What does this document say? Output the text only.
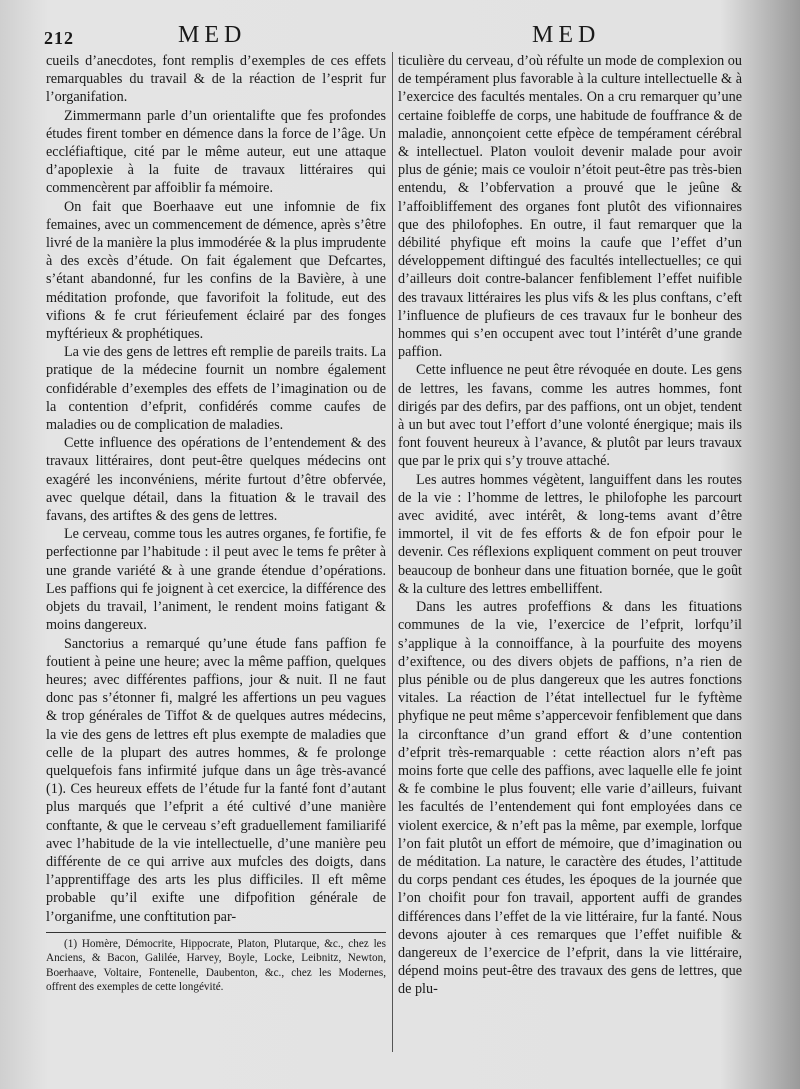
212	MED	MED

cueils d’anecdotes, font remplis d’exemples de ces effets remarquables du travail & de la réaction de l’esprit fur l’organifation.

Zimmermann parle d’un orientalifte que fes profondes études firent tomber en démence dans la force de l’âge. Un eccléfiaftique, cité par le même auteur, eut une attaque d’apoplexie à la fuite de travaux littéraires qui commencèrent par affoiblir fa mémoire.

On fait que Boerhaave eut une infomnie de fix femaines, avec un commencement de démence, après s’être livré de la manière la plus immodérée & la plus imprudente à des excès d’étude. On fait également que Defcartes, s’étant abandonné, fur les confins de la Bavière, à une méditation profonde, que favorifoit la folitude, eut des vifions & fe crut férieufement éclairé par des fonges myftérieux & prophétiques.

La vie des gens de lettres eft remplie de pareils traits. La pratique de la médecine fournit un nombre également confidérable d’exemples des effets de l’imagination ou de la contention d’efprit, confidérés comme caufes de maladies ou de complication de maladies.

Cette influence des opérations de l’entendement & des travaux littéraires, dont peut-être quelques médecins ont exagéré les inconvéniens, mérite furtout d’être obfervée, avec quelque détail, dans la fituation & le travail des favans, des artiftes & des gens de lettres.

Le cerveau, comme tous les autres organes, fe fortifie, fe perfectionne par l’habitude : il peut avec le tems fe prêter à une grande variété & à une grande étendue d’opérations. Les paffions qui fe joignent à cet exercice, la différence des objets du travail, l’animent, le rendent moins fatigant & moins dangereux.

Sanctorius a remarqué qu’une étude fans paffion fe foutient à peine une heure; avec la même paffion, quelques heures; avec différentes paffions, jour & nuit. Il ne faut donc pas s’étonner fi, malgré les affertions un peu vagues & trop générales de Tiffot & de quelques autres médecins, la vie des gens de lettres eft plus exempte de maladies que celle de la plupart des autres hommes, & fe prolonge quelquefois fans infirmité jufque dans un âge très-avancé (1). Ces heureux effets de l’étude fur la fanté font d’autant plus marqués que l’efprit a été cultivé d’une manière conftante, & que le cerveau s’eft graduellement familiarifé avec l’habitude de la vie intellectuelle, d’une manière peu différente de ce qui arrive aux mufcles des doigts, dans l’apprentiffage des arts les plus difficiles. Il eft même probable qu’il exifte une difpofition générale de l’organifme, une conftitution par-

(1) Homère, Démocrite, Hippocrate, Platon, Plutarque, &c., chez les Anciens, & Bacon, Galilée, Harvey, Boyle, Locke, Leibnitz, Newton, Boerhaave, Voltaire, Fontenelle, Daubenton, &c., chez les Modernes, offrent des exemples de cette longévité.

ticulière du cerveau, d’où réfulte un mode de complexion ou de tempérament plus favorable à la culture intellectuelle & à l’exercice des facultés mentales. On a cru remarquer qu’une certaine foibleffe de corps, une habitude de fouffrance & de maladie, annonçoient cette efpèce de tempérament cérébral & intellectuel. Platon vouloit devenir malade pour avoir plus de génie; mais ce vouloir n’étoit peut-être pas très-bien entendu, & l’obfervation a prouvé que le jeûne & l’affoibliffement des organes font plutôt des vifionnaires que des philofophes. En outre, il faut remarquer que la débilité phyfique eft moins la caufe que l’effet d’un développement diftingué des facultés intellectuelles; ce qui d’ailleurs doit contre-balancer fenfiblement l’effet nuifible des travaux littéraires les plus vifs & les plus conftans, c’eft l’influence de plufieurs de ces travaux fur le bonheur des hommes qui s’en occupent avec tout l’intérêt d’une grande paffion.

Cette influence ne peut être révoquée en doute. Les gens de lettres, les favans, comme les autres hommes, font dirigés par des defirs, par des paffions, ont un objet, tendent à un but avec tout l’effort d’une volonté énergique; mais ils font fouvent heureux à l’avance, & plutôt par leurs travaux que par le prix qui s’y trouve attaché.

Les autres hommes végètent, languiffent dans les routes de la vie : l’homme de lettres, le philofophe les parcourt avec avidité, avec intérêt, & long-tems avant d’être immortel, il vit de fes efforts & de fon efpoir pour le devenir. Ces réflexions expliquent comment on peut trouver beaucoup de bonheur dans une fituation bornée, que le goût & la culture des lettres embelliffent.

Dans les autres profeffions & dans les fituations communes de la vie, l’exercice de l’efprit, lorfqu’il s’applique à la connoiffance, à la pourfuite des moyens d’exiftence, ou des divers objets de paffions, n’a rien de plus pénible ou de plus dangereux que les autres fonctions vitales. La réaction de l’état intellectuel fur le fyftème phyfique ne peut même s’appercevoir fenfiblement que dans la circonftance d’un grand effort & d’une contention d’efprit très-remarquable : cette réaction alors n’eft pas moins forte que celle des paffions, avec laquelle elle fe joint & fe combine le plus fouvent; elle varie d’ailleurs, fuivant les facultés de l’entendement qui font employées dans ce violent exercice, & n’eft pas la même, par exemple, lorfque l’on fait plutôt un effort de mémoire, que d’imagination ou de méditation. La nature, le caractère des études, l’attitude du corps pendant ces études, les époques de la journée que l’on choifit pour fon travail, apportent auffi de grandes différences dans l’effet de la vie littéraire, fur la fanté. Nous devons ajouter à ces remarques que l’effet nuifible & dangereux de l’exercice de l’efprit, dans la vie littéraire, dépend moins peut-être des travaux des gens de lettres, que de plu-
